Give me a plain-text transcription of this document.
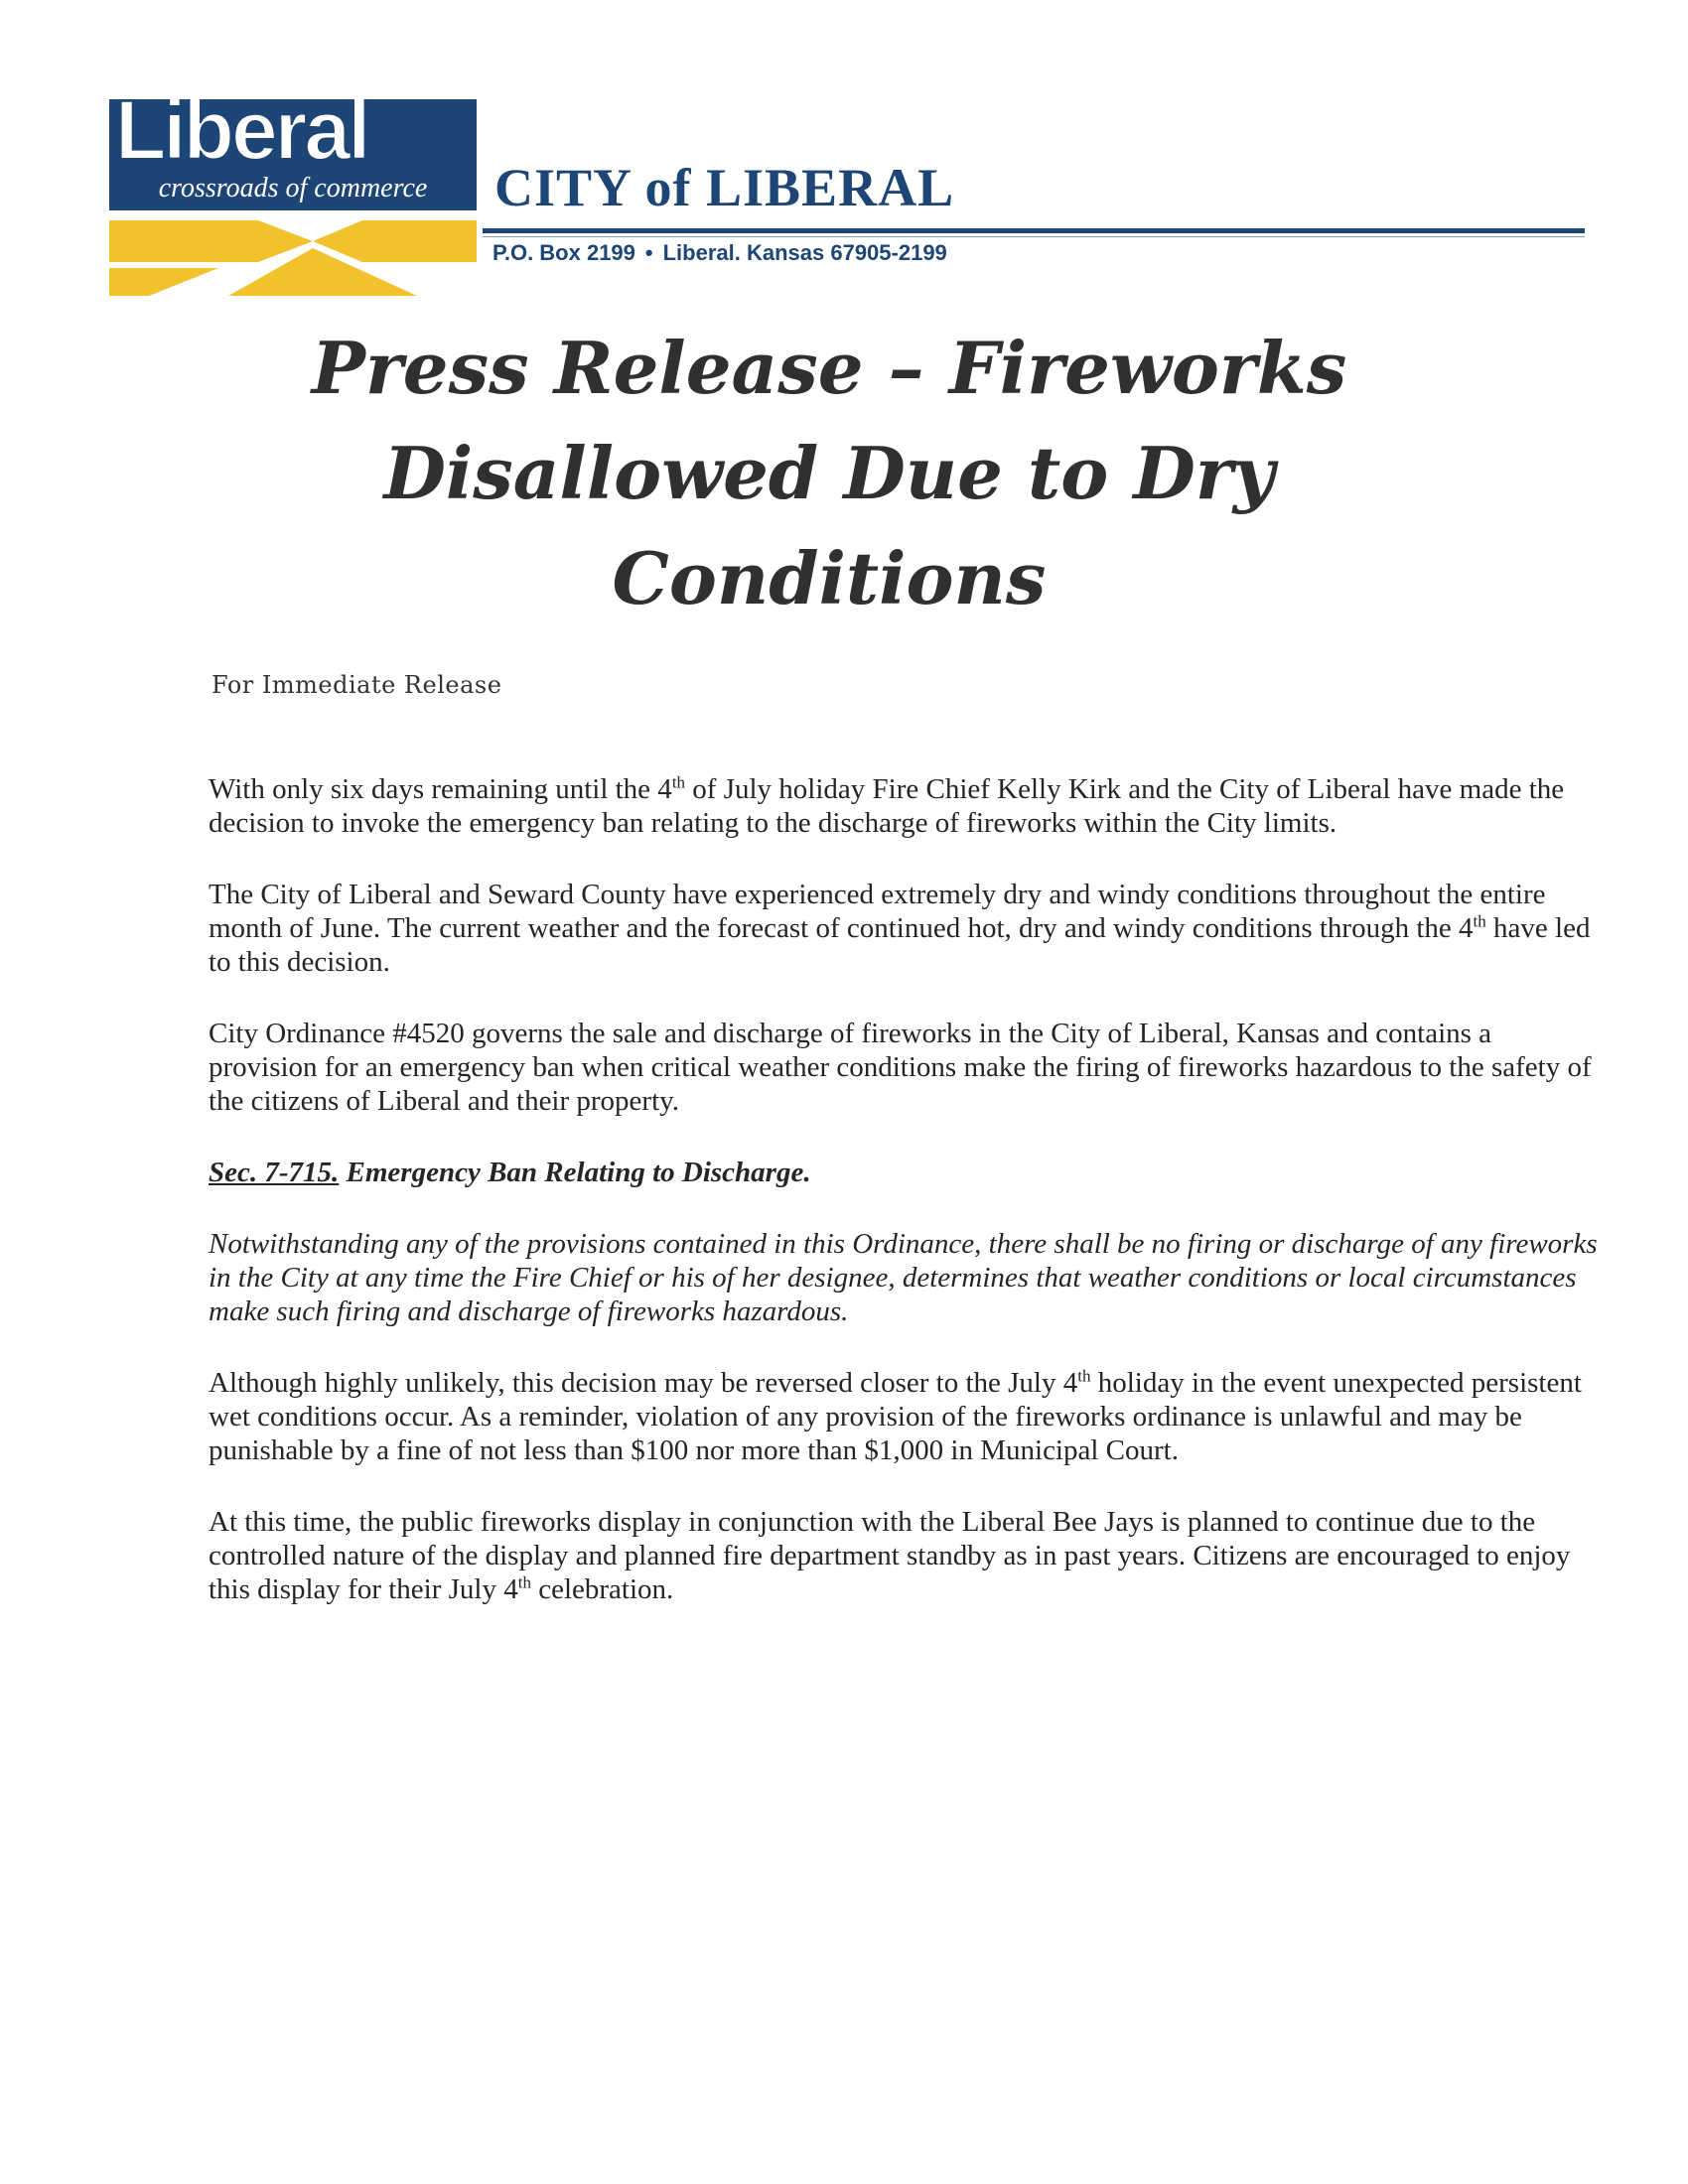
Liberal
crossroads of commerce CITY of LIBERAL
P.O. Box 2199 • Liberal. Kansas 67905-2199
Press Release – Fireworks
Disallowed Due to Dry
Conditions
For Immediate Release

With only six days remaining until the 4th of July holiday Fire Chief Kelly Kirk and the City of Liberal have made the decision to invoke the emergency ban relating to the discharge of fireworks within the City limits.

The City of Liberal and Seward County have experienced extremely dry and windy conditions throughout the entire month of June. The current weather and the forecast of continued hot, dry and windy conditions through the 4th have led to this decision.

City Ordinance #4520 governs the sale and discharge of fireworks in the City of Liberal, Kansas and contains a provision for an emergency ban when critical weather conditions make the firing of fireworks hazardous to the safety of the citizens of Liberal and their property.

Sec. 7-715. Emergency Ban Relating to Discharge.

Notwithstanding any of the provisions contained in this Ordinance, there shall be no firing or discharge of any fireworks in the City at any time the Fire Chief or his of her designee, determines that weather conditions or local circumstances make such firing and discharge of fireworks hazardous.

Although highly unlikely, this decision may be reversed closer to the July 4th holiday in the event unexpected persistent wet conditions occur. As a reminder, violation of any provision of the fireworks ordinance is unlawful and may be punishable by a fine of not less than $100 nor more than $1,000 in Municipal Court.

At this time, the public fireworks display in conjunction with the Liberal Bee Jays is planned to continue due to the controlled nature of the display and planned fire department standby as in past years. Citizens are encouraged to enjoy this display for their July 4th celebration.
